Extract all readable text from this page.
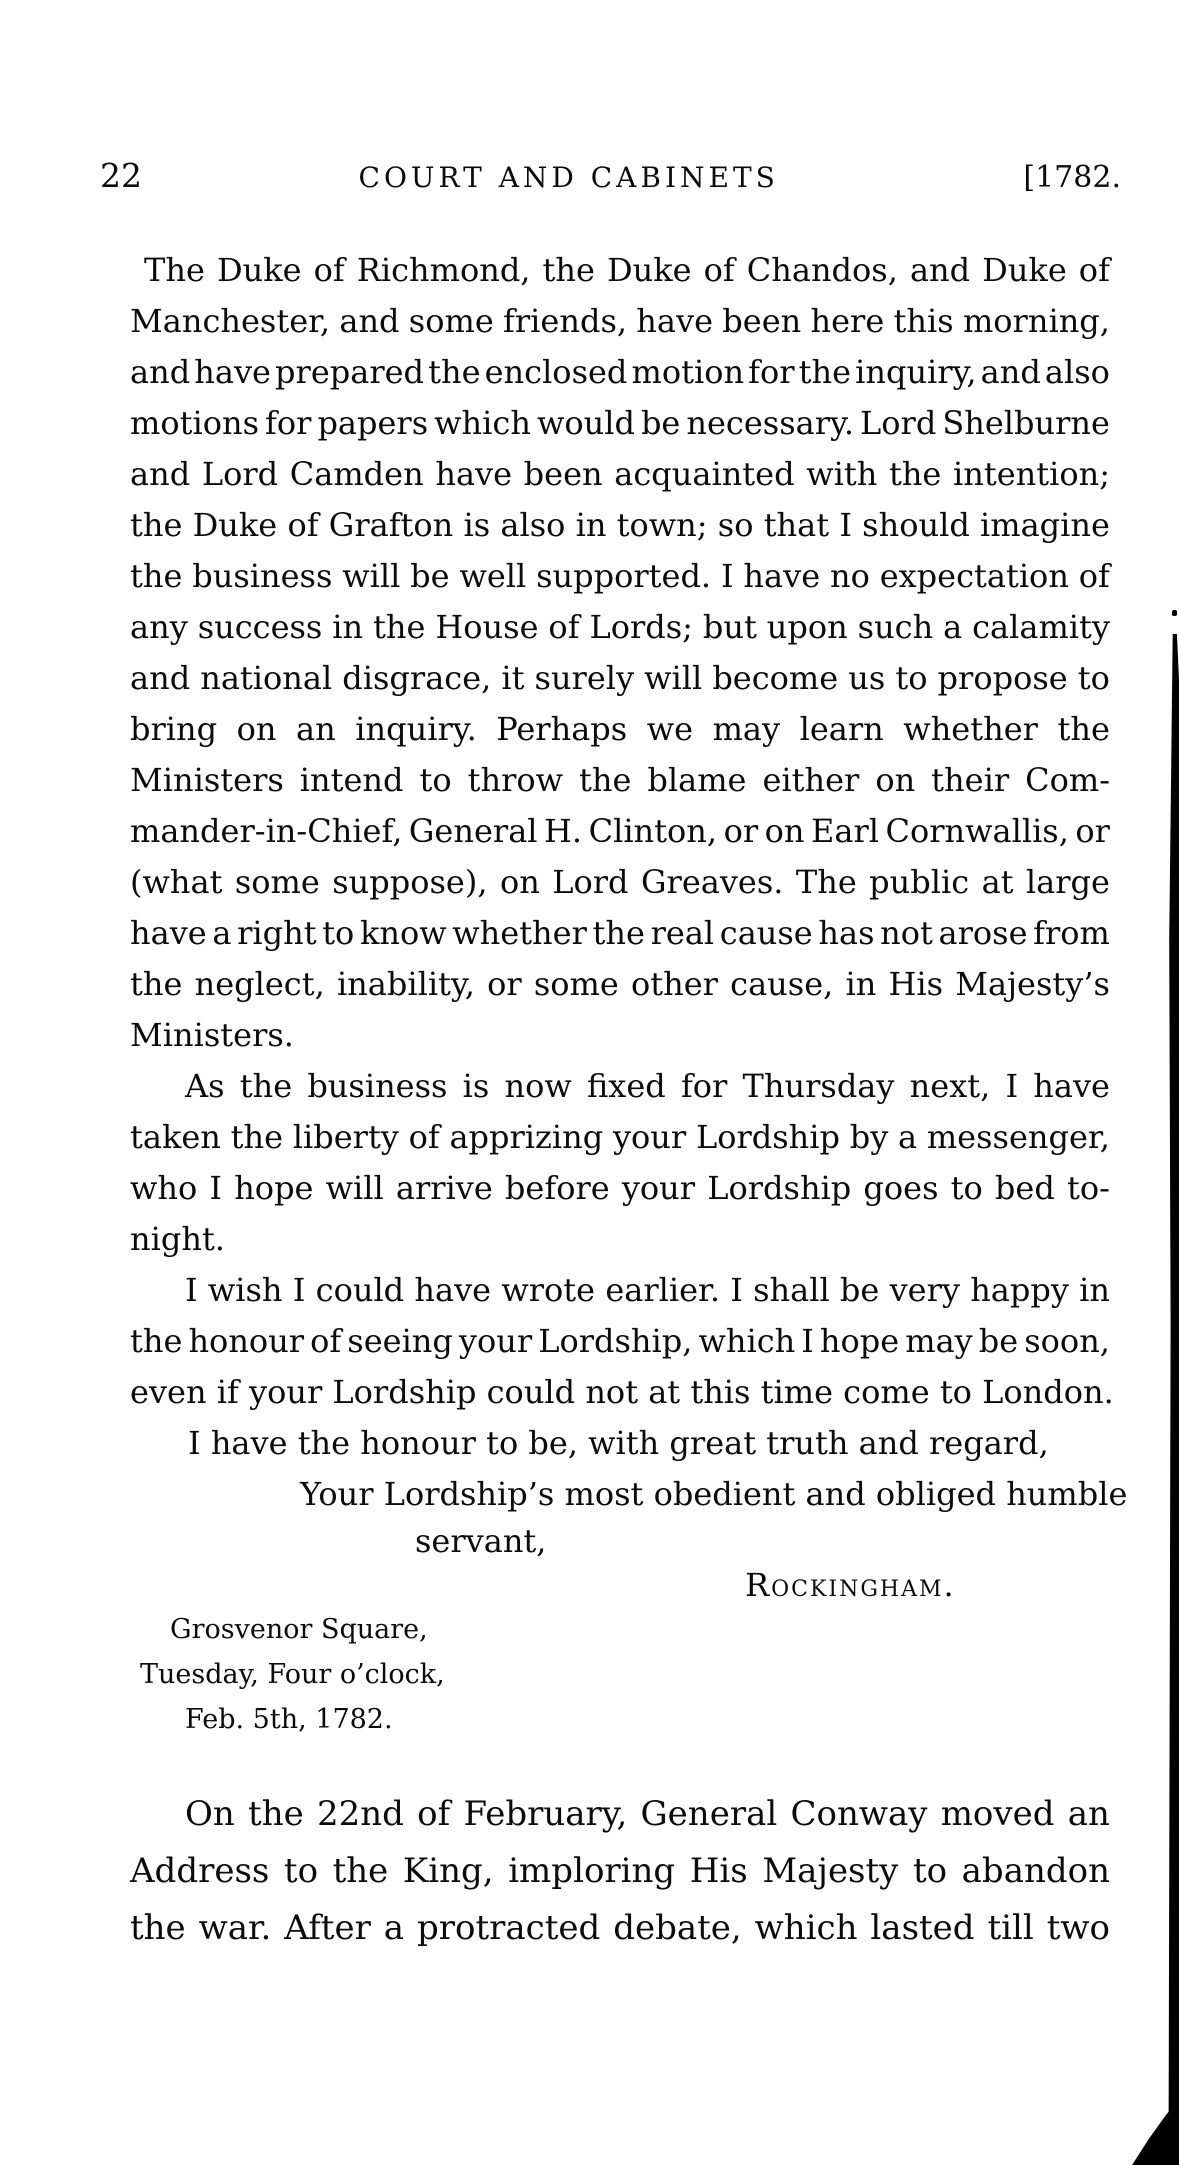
22	COURT AND CABINETS	[1782.
The Duke of Richmond, the Duke of Chandos, and Duke of
Manchester, and some friends, have been here this morning,
and have prepared the enclosed motion for the inquiry, and also
motions for papers which would be necessary. Lord Shelburne
and Lord Camden have been acquainted with the intention;
the Duke of Grafton is also in town; so that I should imagine
the business will be well supported. I have no expectation of
any success in the House of Lords; but upon such a calamity
and national disgrace, it surely will become us to propose to
bring on an inquiry. Perhaps we may learn whether the
Ministers intend to throw the blame either on their Com-
mander-in-Chief, General H. Clinton, or on Earl Cornwallis, or
(what some suppose), on Lord Greaves. The public at large
have a right to know whether the real cause has not arose from
the neglect, inability, or some other cause, in His Majesty’s
Ministers.
As the business is now fixed for Thursday next, I have
taken the liberty of apprizing your Lordship by a messenger,
who I hope will arrive before your Lordship goes to bed to-
night.
I wish I could have wrote earlier. I shall be very happy in
the honour of seeing your Lordship, which I hope may be soon,
even if your Lordship could not at this time come to London.
I have the honour to be, with great truth and regard,
Your Lordship’s most obedient and obliged humble
servant,
Rockingham.
Grosvenor Square,
Tuesday, Four o’clock,
Feb. 5th, 1782.
On the 22nd of February, General Conway moved an
Address to the King, imploring His Majesty to abandon
the war. After a protracted debate, which lasted till two
